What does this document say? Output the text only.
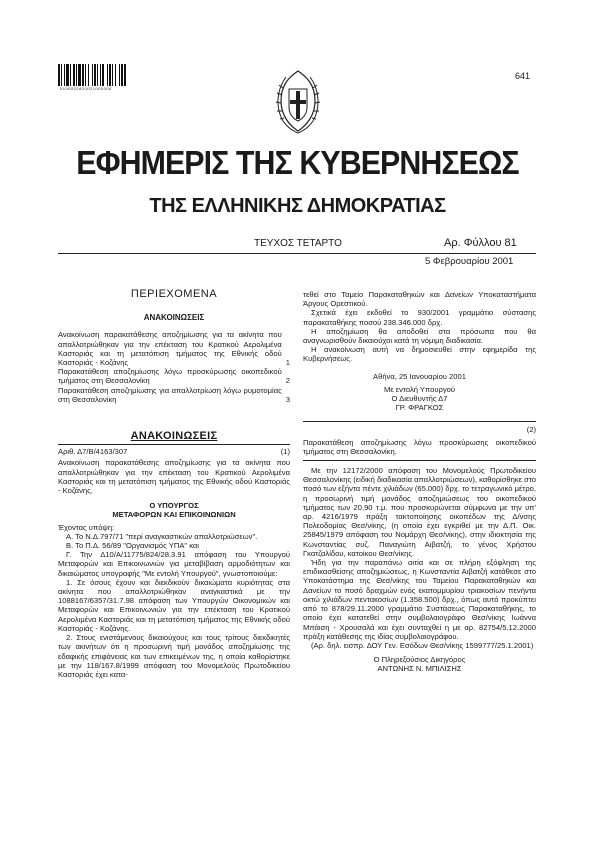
0100002820021000000
641
ΕΦΗΜΕΡΙΣ ΤΗΣ ΚΥΒΕΡΝΗΣΕΩΣ
ΤΗΣ ΕΛΛΗΝΙΚΗΣ ΔΗΜΟΚΡΑΤΙΑΣ
ΤΕΥΧΟΣ ΤΕΤΑΡΤΟ	Αρ. Φύλλου 81
5 Φεβρουαρίου 2001
ΠΕΡΙΕΧΟΜΕΝΑ
ΑΝΑΚΟΙΝΩΣΕΙΣ
Ανακοίνωση παρακατάθεσης αποζημίωσης για τα ακίνητα που απαλλοτριώθηκαν για την επέκταση του Κρατικού Αερολιμένα Καστοριάς και τη μετατόπιση τμήματος της Εθνικής οδού Καστοριάς - Κοζάνης	1
Παρακατάθεση αποζημίωσης λόγω προσκύρωσης οικοπεδικού τμήματος στη Θεσσαλονίκη	2
Παρακατάθεση αποζημίωσης για απαλλοτρίωση λόγω ρυμοτομίας στη Θεσσαλονίκη	3
ΑΝΑΚΟΙΝΩΣΕΙΣ
Αριθ. Δ7/Β/4163/307	(1)

Ανακοίνωση παρακατάθεσης αποζημίωσης για τα ακίνητα που απαλλοτριώθηκαν για την επέκταση του Κρατικού Αερολιμένα Καστοριάς και τη μετατόπιση τμήματος της Εθνικής οδού Καστοριάς - Κοζάνης.

Ο ΥΠΟΥΡΓΟΣ
ΜΕΤΑΦΟΡΩΝ ΚΑΙ ΕΠΙΚΟΙΝΩΝΙΩΝ

Έχοντας υπόψη:

Α. Το Ν.Δ.797/71 "περί αναγκαστικών απαλλοτριώσεων".

Β. Το Π.Δ. 56/89 "Οργανισμός ΥΠΑ" και

Γ. Την Δ10/Α/11775/824/28.3.91 απόφαση του Υπουργού Μεταφορών και Επικοινωνιών για μεταβίβαση αρμοδιότητων και δικαιώματος υπογραφής "Με εντολή Υπουργού", γνωστοποιούμε:

1. Σε όσους έχουν και διεκδικούν δικαιώματα κυριότητας στα ακίνητα που απαλλοτριώθηκαν αναγκαστικά με την 1088167/6357/31.7.98 απόφαση των Υπουργών Οικονομικών και Μεταφορών και Επικοινωνιών για την επέκταση του Κρατικού Αερολιμένα Καστοριάς και τη μετατόπιση τμήματος της Εθνικής οδού Καστοριάς - Κοζάνης.

2. Στους ενιστάμενους δικαιούχους και τους τρίτους διεκδικητές των ακινήτων ότι η προσωρινή τιμή μονάδος αποζημίωσης της εδαφικής επιφάνειας και των επικειμένων της, η οποία καθορίστηκε με την 118/167.8/1999 απόφαση του Μονομελούς Πρωτοδικείου Καστοριάς έχει κατα-

τεθεί στο Ταμείο Παρακαταθηκών και Δανείων Υποκαταστήματα Άργους Ορεστικού.

Σχετικά έχει εκδοθεί το 930/2001 γραμμάτιο σύστασης παρακαταθήκης ποσού 238.346.000 δρχ.

Η αποζημίωση θα αποδοθεί στα πρόσωπα που θα αναγνωρισθούν δικαιούχοι κατά τη νόμιμη διαδικασία.

Η ανακοίνωση αυτή να δημοσιευθεί στην εφημερίδα της Κυβερνήσεως.

Αθήνα, 25 Ιανουαρίου 2001
Με εντολή Υπουργού
Ο Διευθυντής Δ7
ΓΡ. ΦΡΑΓΚΟΣ
(2)

Παρακατάθεση αποζημίωσης λόγω προσκύρωσης οικοπεδικού τμήματος στη Θεσσαλονίκη.

Με την 12172/2000 απόφαση του Μονομελούς Πρωτοδικείου Θεσσαλονίκης (ειδική διαδικασία απαλλοτριώσεων), καθορίσθηκε στο ποσό των εξήντα πέντε χιλιάδων (65.000) δρχ. το τετραγωνικό μέτρο, η προσωρινή τιμή μονάδος αποζημιώσεως του οικοπεδικού τμήματος των 20,90 τ.μ. που προσκυρώνεται σύμφωνα με την υπ' αρ. 4216/1979 πράξη τακτοποίησης οικοπέδων της Δ/νσης Πολεοδομίας Θεσ/νίκης, (η οποία έχει εγκριθεί με την Δ.Π. Οικ. 25845/1979 απόφαση του Νομάρχη Θεσ/νίκης), στην ιδιοκτησία της Κωνσταντίας συζ. Παναγιώτη Αιβατζή, το γένος Χρήστου Γκατζαλίδου, κατοίκου Θεσ/νίκης.

Ήδη για την παραπάνω αιτία και σε πλήρη εξόφληση της επιδικασθείσης αποζημιώσεως, η Κωνσταντία Αιβατζή κατάθεσε στο Υποκατάστημα της Θεσ/νίκης του Ταμείου Παρακαταθηκών και Δανείων το ποσό δραχμών ενός εκατομμυρίου τριακοσίων πενήντα οκτώ χιλιάδων πεντακοσίων (1.358.500) δρχ., όπως αυτό προκύπτει από το 878/29.11.2000 γραμμάτιο Συστάσεως Παρακαταθήκης, το οποίο έχει κατατεθεί στην συμβολαιογράφο Θεσ/νίκης Ιωάννα Μπάιση - Χρουσαλά και έχει συνταχθεί η με αρ. 82754/5.12.2000 πράξη κατάθεσης της ιδίας συμβολαιογράφου.

(Αρ. δηλ. εισπρ. ΔΟΥ Γεν. Εσόδων Θεσ/νίκης 1599777/25.1.2001)

Ο Πληρεξούσιος Δικηγόρος
ΑΝΤΩΝΗΣ Ν. ΜΠΙΛΙΣΗΣ
